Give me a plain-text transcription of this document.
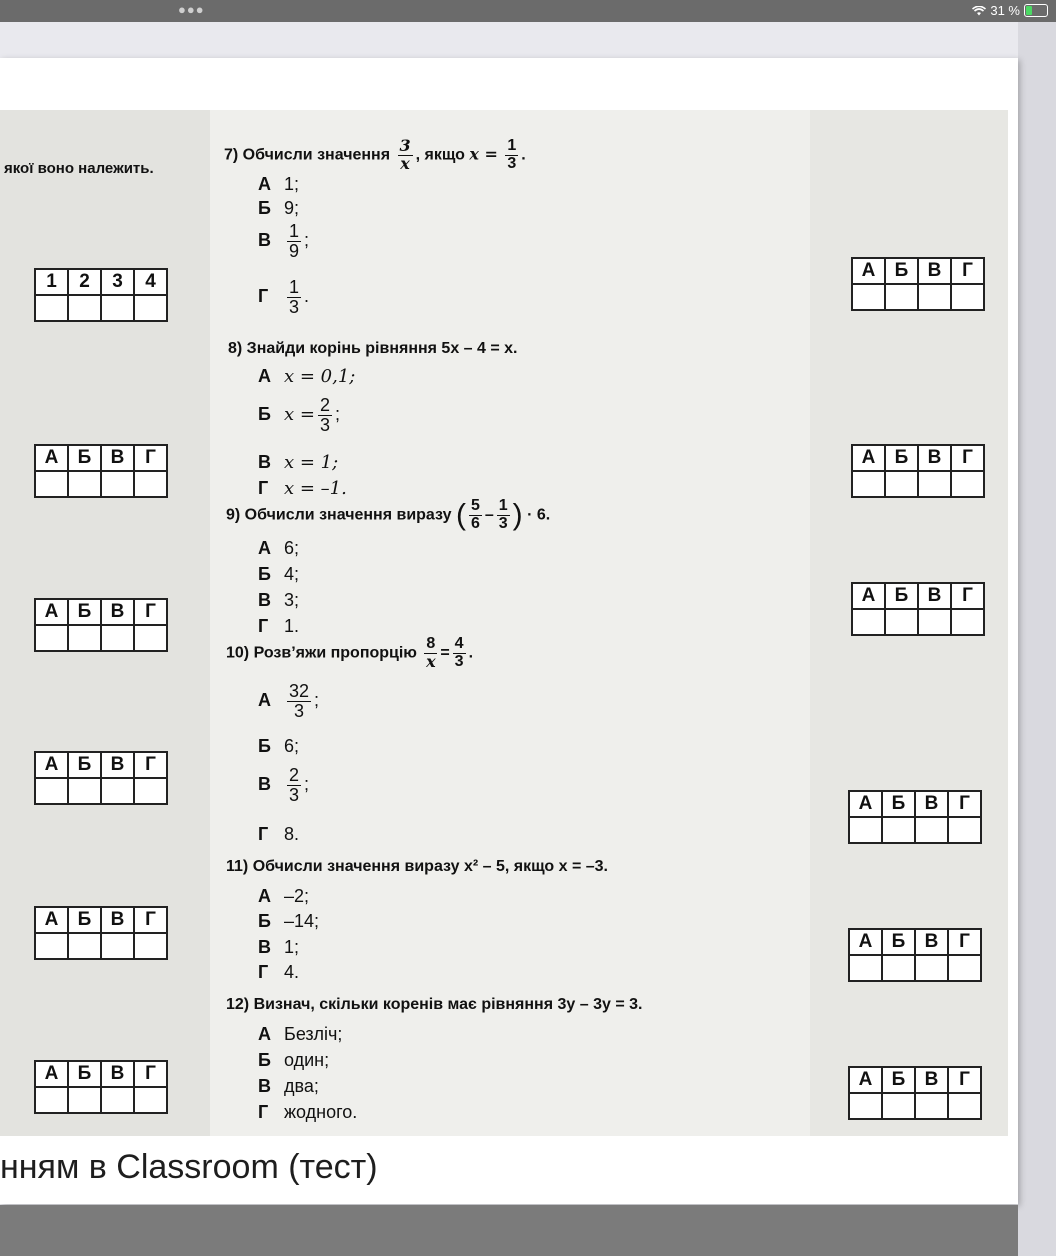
●●●	31 %
якої воно належить.
1	2	3	4

А	Б	В	Г

А	Б	В	Г

А	Б	В	Г

А	Б	В	Г

А	Б	В	Г

А	Б	В	Г

А	Б	В	Г

А	Б	В	Г

А	Б	В	Г

А	Б	В	Г

А	Б	В	Г

7) Обчисли значення $\frac{3}{x}$ , якщо $x = \frac{1}{3}$ .
А 1;
Б 9;
В $\frac{1}{9}$ ;
Г $\frac{1}{3}$ .
8) Знайди корінь рівняння 5x – 4 = x.
А x = 0,1;
Б $x = \frac{2}{3}$ ;
В x = 1;
Г x = –1.
9) Обчисли значення виразу ( $\frac{5}{6} - \frac{1}{3}$ ) · 6.
А 6;
Б 4;
В 3;
Г 1.
10) Розв’яжи пропорцію $\frac{8}{x} = \frac{4}{3}$ .
А $\frac{32}{3}$ ;
Б 6;
В $\frac{2}{3}$ ;
Г 8.
11) Обчисли значення виразу x² – 5, якщо x = –3.
А –2;
Б –14;
В 1;
Г 4.
12) Визнач, скільки коренів має рівняння 3y – 3y = 3.
А Безліч;
Б один;
В два;
Г жодного.
нням в Classroom (тест)
